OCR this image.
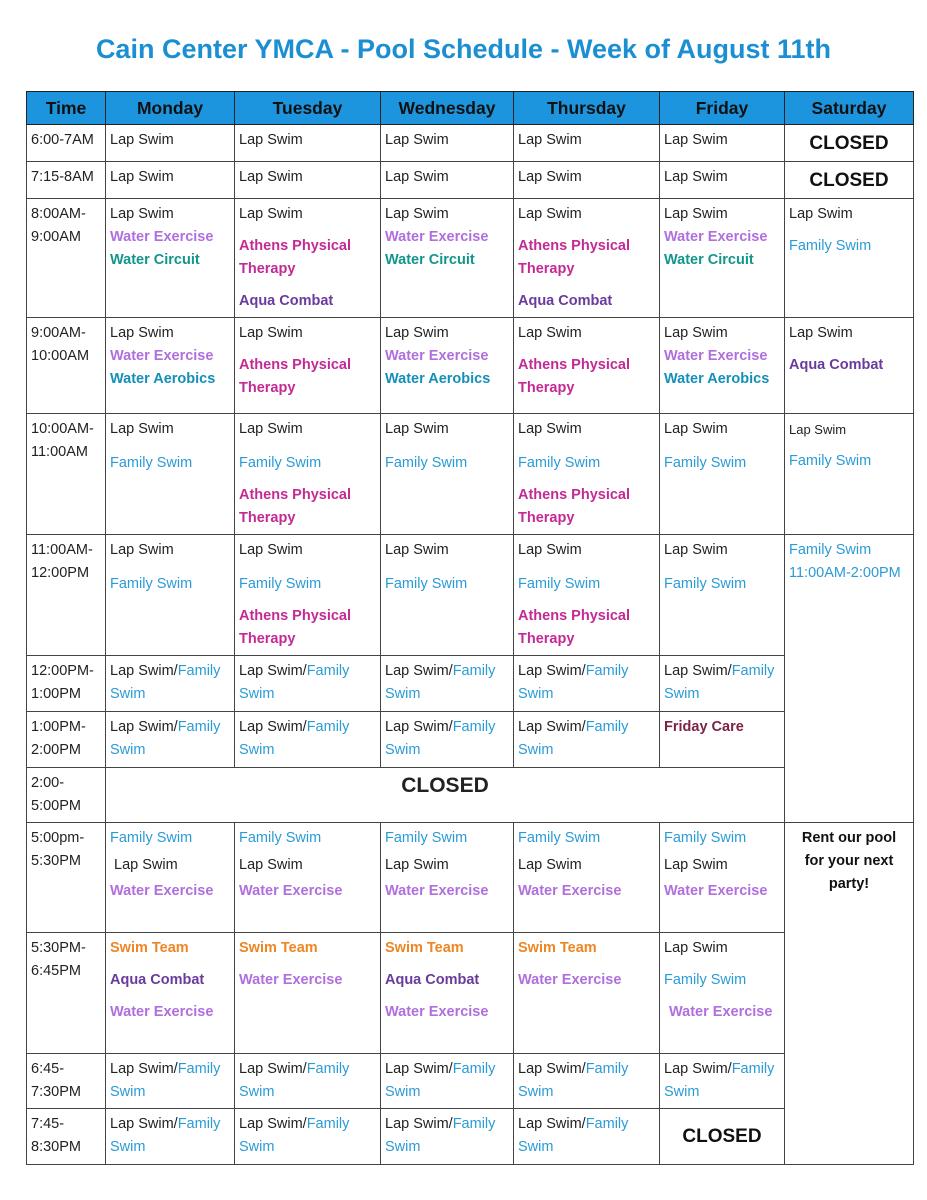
Cain Center YMCA - Pool Schedule - Week of August 11th
Time	Monday	Tuesday	Wednesday	Thursday	Friday	Saturday
6:00-7AM	Lap Swim	Lap Swim	Lap Swim	Lap Swim	Lap Swim	CLOSED

7:15-8AM	Lap Swim	Lap Swim	Lap Swim	Lap Swim	Lap Swim	CLOSED

8:00AM-
9:00AM	Lap Swim
Water Exercise
Water Circuit	Lap Swim
Athens Physical
Therapy
Aqua Combat	Lap Swim
Water Exercise
Water Circuit	Lap Swim
Athens Physical
Therapy
Aqua Combat	Lap Swim
Water Exercise
Water Circuit	Lap Swim
Family Swim

9:00AM-
10:00AM	Lap Swim
Water Exercise
Water Aerobics	Lap Swim
Athens Physical
Therapy	Lap Swim
Water Exercise
Water Aerobics	Lap Swim
Athens Physical
Therapy	Lap Swim
Water Exercise
Water Aerobics	Lap Swim
Aqua Combat

10:00AM-
11:00AM	Lap Swim
Family Swim	Lap Swim
Family Swim
Athens Physical
Therapy	Lap Swim
Family Swim	Lap Swim
Family Swim
Athens Physical
Therapy	Lap Swim
Family Swim	Lap Swim
Family Swim

11:00AM-
12:00PM	Lap Swim
Family Swim	Lap Swim
Family Swim
Athens Physical
Therapy	Lap Swim
Family Swim	Lap Swim
Family Swim
Athens Physical
Therapy	Lap Swim
Family Swim	Family Swim
11:00AM-2:00PM

12:00PM-
1:00PM	Lap Swim/Family
Swim	Lap Swim/Family
Swim	Lap Swim/Family
Swim	Lap Swim/Family
Swim	Lap Swim/Family
Swim	

1:00PM-
2:00PM	Lap Swim/Family
Swim	Lap Swim/Family
Swim	Lap Swim/Family
Swim	Lap Swim/Family
Swim	Friday Care	

2:00-
5:00PM	CLOSED					

5:00pm-
5:30PM	Family Swim
Lap Swim
Water Exercise	Family Swim
Lap Swim
Water Exercise	Family Swim
Lap Swim
Water Exercise	Family Swim
Lap Swim
Water Exercise	Family Swim
Lap Swim
Water Exercise	Rent our pool
for your next
party!

5:30PM-
6:45PM	Swim Team
Aqua Combat
Water Exercise	Swim Team
Water Exercise	Swim Team
Aqua Combat
Water Exercise	Swim Team
Water Exercise	Lap Swim
Family Swim
Water Exercise	

6:45-
7:30PM	Lap Swim/Family
Swim	Lap Swim/Family
Swim	Lap Swim/Family
Swim	Lap Swim/Family
Swim	Lap Swim/Family
Swim	

7:45-
8:30PM	Lap Swim/Family
Swim	Lap Swim/Family
Swim	Lap Swim/Family
Swim	Lap Swim/Family
Swim	CLOSED	
